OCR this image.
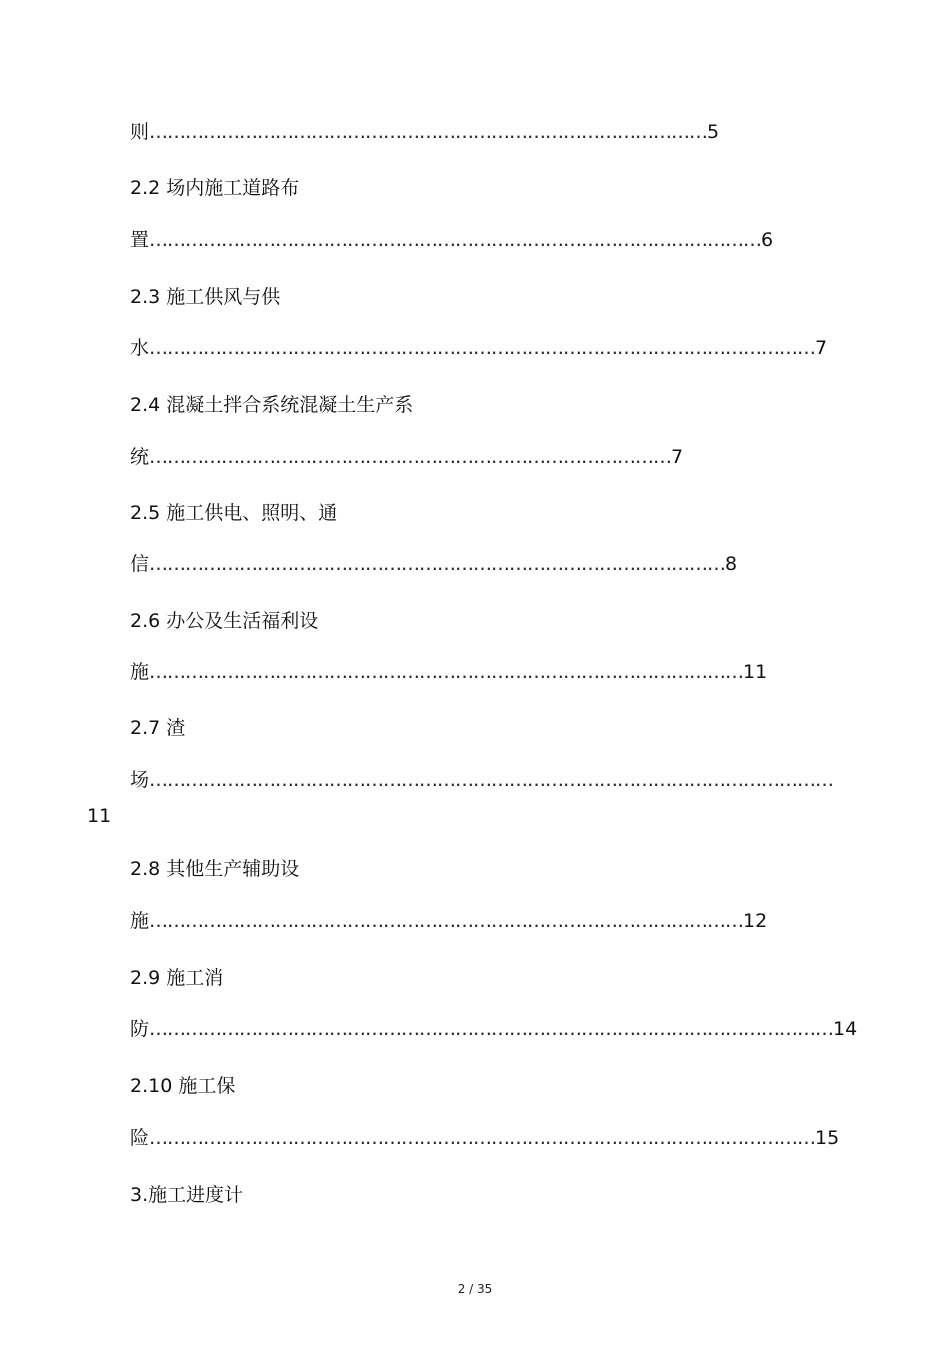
则…………………………………………………………………………………5
2.2 场内施工道路布
置…………………………………………………………………………………………6
2.3 施工供风与供
水…………………………………………………………………………………………………7
2.4 混凝土拌合系统混凝土生产系
统……………………………………………………………………………7
2.5 施工供电、照明、通
信……………………………………………………………………………………8
2.6 办公及生活福利设
施………………………………………………………………………………………11
2.7 渣
场……………………………………………………………………………………………………
11
2.8 其他生产辅助设
施………………………………………………………………………………………12
2.9 施工消
防……………………………………………………………………………………………………14
2.10 施工保
险…………………………………………………………………………………………………15
3.施工进度计
2 / 35
